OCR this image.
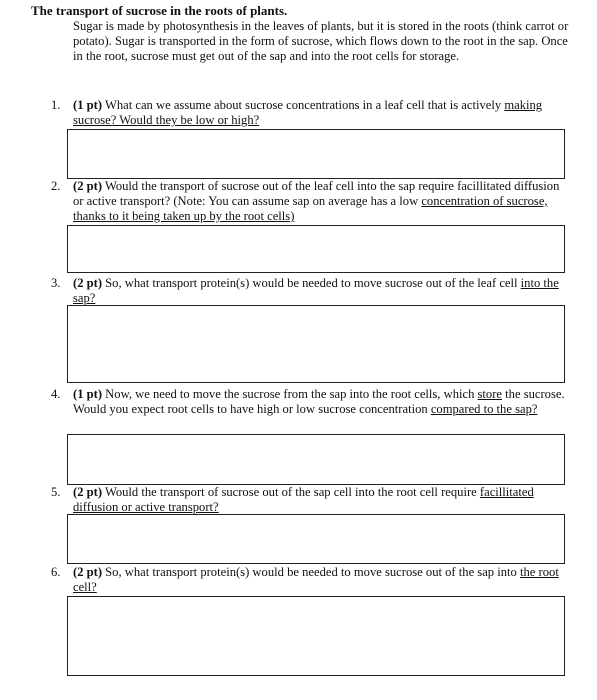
The transport of sucrose in the roots of plants.
Sugar is made by photosynthesis in the leaves of plants, but it is stored in the roots (think carrot or potato). Sugar is transported in the form of sucrose, which flows down to the root in the sap. Once in the root, sucrose must get out of the sap and into the root cells for storage.
1. (1 pt) What can we assume about sucrose concentrations in a leaf cell that is actively making sucrose? Would they be low or high?
2. (2 pt) Would the transport of sucrose out of the leaf cell into the sap require facillitated diffusion or active transport? (Note: You can assume sap on average has a low concentration of sucrose, thanks to it being taken up by the root cells)
3. (2 pt) So, what transport protein(s) would be needed to move sucrose out of the leaf cell into the sap?
4. (1 pt) Now, we need to move the sucrose from the sap into the root cells, which store the sucrose. Would you expect root cells to have high or low sucrose concentration compared to the sap?
5. (2 pt) Would the transport of sucrose out of the sap cell into the root cell require facillitated diffusion or active transport?
6. (2 pt) So, what transport protein(s) would be needed to move sucrose out of the sap into the root cell?
